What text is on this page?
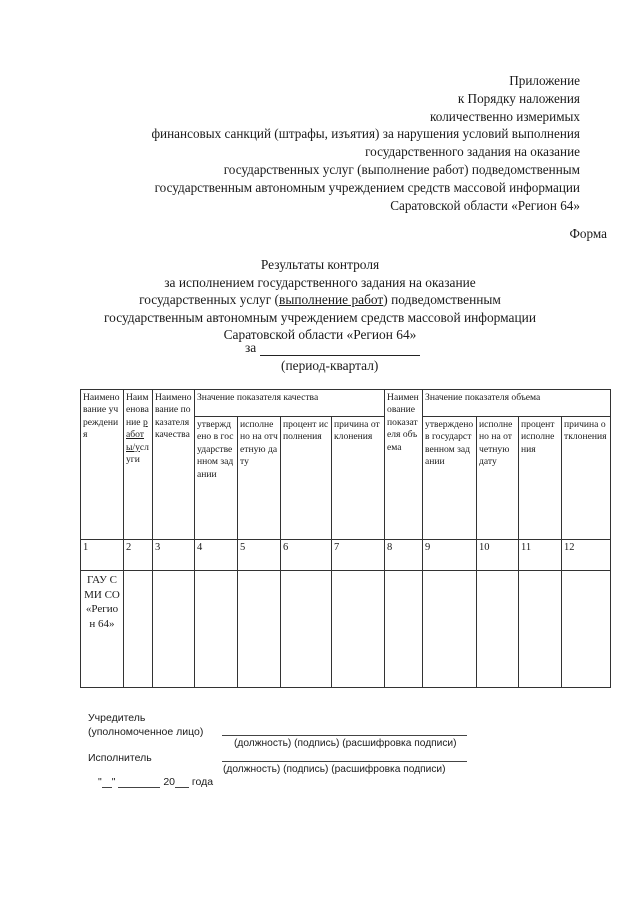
Приложение
к Порядку наложения
количественно измеримых
финансовых санкций (штрафы, изъятия) за нарушения условий выполнения
государственного задания на оказание
государственных услуг (выполнение работ) подведомственным
государственным автономным учреждением средств массовой информации
Саратовской области «Регион 64»
Форма
Результаты контроля
за исполнением государственного задания на оказание
государственных услуг (выполнение работ) подведомственным
государственным автономным учреждением средств массовой информации
Саратовской области «Регион 64»
за
(период-квартал)
Наименование учреждения	Наименование работы/услуги	Наименование показателя качества	Значение показателя качества				Наименование показателя объема	Значение показателя объема			
			утверждено в государственном задании	исполнено на отчетную дату	процент исполнения	причина отклонения		утверждено в государственном задании	исполнено на отчетную дату	процент исполнения	причина отклонения
1	2	3	4	5	6	7	8	9	10	11	12
ГАУ СМИ СО «Регион 64»											
Учредитель
(уполномоченное лицо)
(должность) (подпись) (расшифровка подписи)
Исполнитель
(должность) (подпись) (расшифровка подписи)
" "	20 года
